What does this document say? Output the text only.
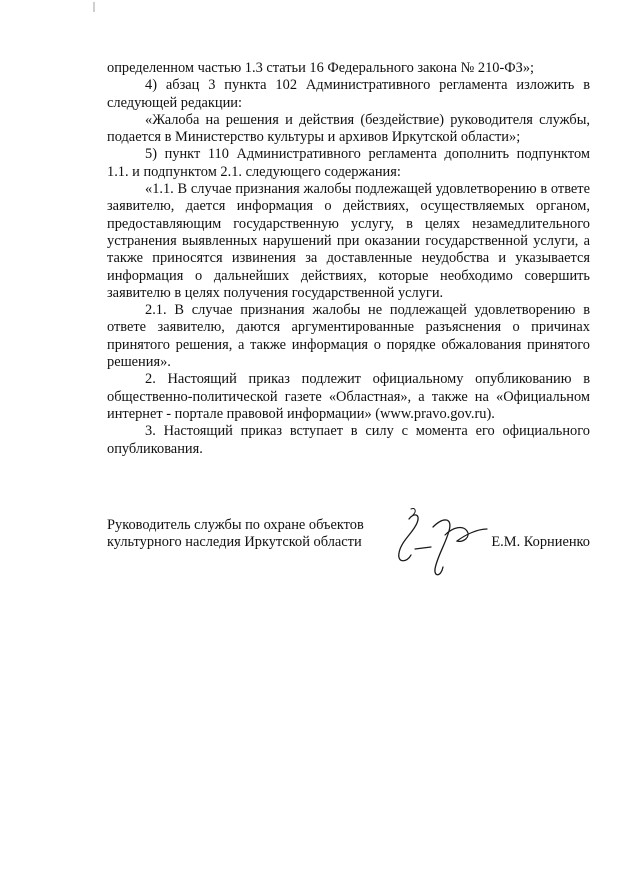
определенном частью 1.3 статьи 16 Федерального закона № 210-ФЗ»;

4) абзац 3 пункта 102 Административного регламента изложить в следующей редакции:

«Жалоба на решения и действия (бездействие) руководителя службы, подается в Министерство культуры и архивов Иркутской области»;

5) пункт 110 Административного регламента дополнить подпунктом 1.1. и подпунктом 2.1. следующего содержания:

«1.1. В случае признания жалобы подлежащей удовлетворению в ответе заявителю, дается информация о действиях, осуществляемых органом, предоставляющим государственную услугу, в целях незамедлительного устранения выявленных нарушений при оказании государственной услуги, а также приносятся извинения за доставленные неудобства и указывается информация о дальнейших действиях, которые необходимо совершить заявителю в целях получения государственной услуги.

2.1. В случае признания жалобы не подлежащей удовлетворению в ответе заявителю, даются аргументированные разъяснения о причинах принятого решения, а также информация о порядке обжалования принятого решения».

2. Настоящий приказ подлежит официальному опубликованию в общественно-политической газете «Областная», а также на «Официальном интернет - портале правовой информации» (www.pravo.gov.ru).

3. Настоящий приказ вступает в силу с момента его официального опубликования.

Руководитель службы по охране объектов
культурного наследия Иркутской области	Е.М. Корниенко
